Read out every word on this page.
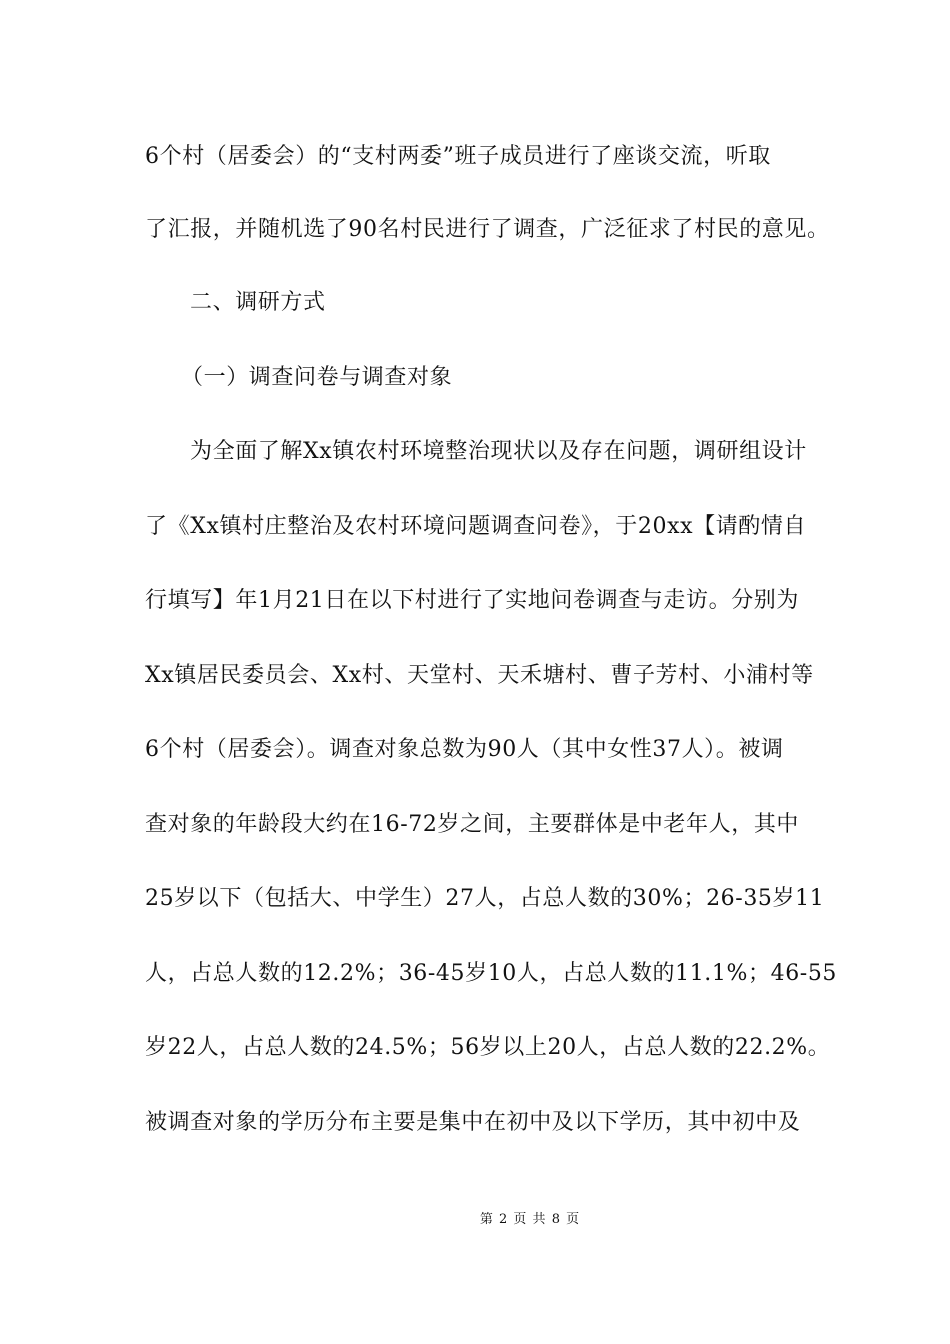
6个村（居委会）的“支村两委”班子成员进行了座谈交流，听取
了汇报，并随机选了90名村民进行了调查，广泛征求了村民的意见。
二、调研方式
（一）调查问卷与调查对象
为全面了解Xx镇农村环境整治现状以及存在问题，调研组设计
了《Xx镇村庄整治及农村环境问题调查问卷》，于20xx【请酌情自
行填写】年1月21日在以下村进行了实地问卷调查与走访。分别为
Xx镇居民委员会、Xx村、天堂村、天禾塘村、曹子芳村、小浦村等
6个村（居委会）。调查对象总数为90人（其中女性37人）。被调
查对象的年龄段大约在16-72岁之间，主要群体是中老年人，其中
25岁以下（包括大、中学生）27人，占总人数的30%；26-35岁11
人，占总人数的12.2%；36-45岁10人，占总人数的11.1%；46-55
岁22人，占总人数的24.5%；56岁以上20人，占总人数的22.2%。
被调查对象的学历分布主要是集中在初中及以下学历，其中初中及
第 2 页 共 8 页
